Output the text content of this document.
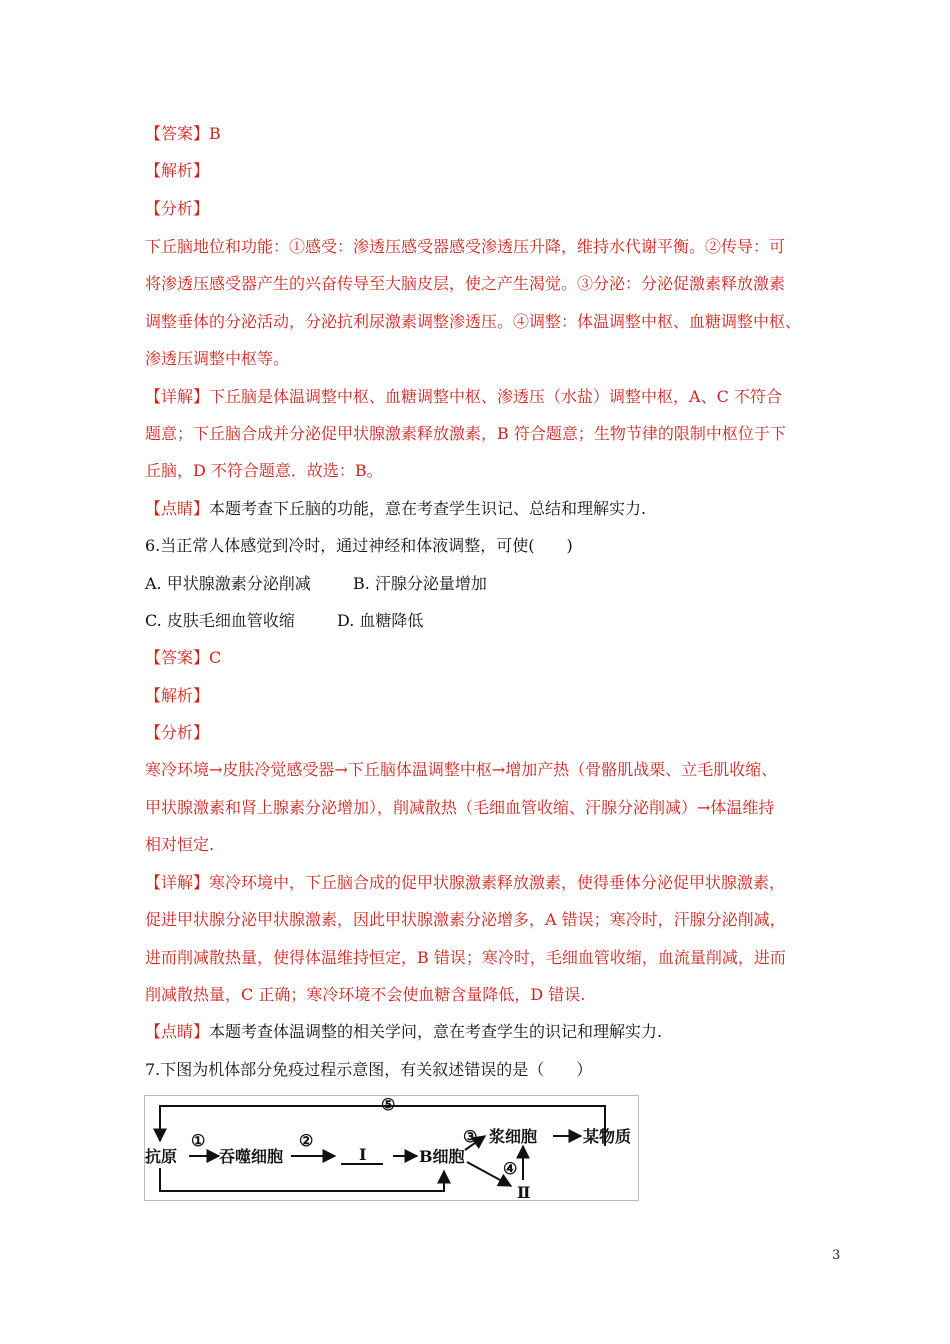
【答案】B
【解析】
【分析】
下丘脑地位和功能：①感受：渗透压感受器感受渗透压升降，维持水代谢平衡。②传导：可
将渗透压感受器产生的兴奋传导至大脑皮层，使之产生渴觉。③分泌：分泌促激素释放激素
调整垂体的分泌活动，分泌抗利尿激素调整渗透压。④调整：体温调整中枢、血糖调整中枢、
渗透压调整中枢等。
【详解】下丘脑是体温调整中枢、血糖调整中枢、渗透压（水盐）调整中枢，A、C 不符合
题意；下丘脑合成并分泌促甲状腺激素释放激素，B 符合题意；生物节律的限制中枢位于下
丘脑，D 不符合题意．故选：B。
【点睛】本题考查下丘脑的功能，意在考查学生识记、总结和理解实力.
6.当正常人体感觉到冷时，通过神经和体液调整，可使(　　)
A. 甲状腺激素分泌削减	B. 汗腺分泌量增加
C. 皮肤毛细血管收缩	D. 血糖降低
【答案】C
【解析】
【分析】
寒冷环境→皮肤冷觉感受器→下丘脑体温调整中枢→增加产热（骨骼肌战栗、立毛肌收缩、
甲状腺激素和肾上腺素分泌增加），削减散热（毛细血管收缩、汗腺分泌削减）→体温维持
相对恒定.
【详解】寒冷环境中，下丘脑合成的促甲状腺激素释放激素，使得垂体分泌促甲状腺激素，
促进甲状腺分泌甲状腺激素，因此甲状腺激素分泌增多，A 错误；寒冷时，汗腺分泌削减，
进而削减散热量，使得体温维持恒定，B 错误；寒冷时，毛细血管收缩，血流量削减，进而
削减散热量，C 正确；寒冷环境不会使血糖含量降低，D 错误.
【点睛】本题考查体温调整的相关学问，意在考查学生的识记和理解实力.
7.下图为机体部分免疫过程示意图，有关叙述错误的是（　　）
⑤
抗原
①
吞噬细胞
②
I	B细胞
③ 浆细胞	某物质
④
Ⅱ
3
